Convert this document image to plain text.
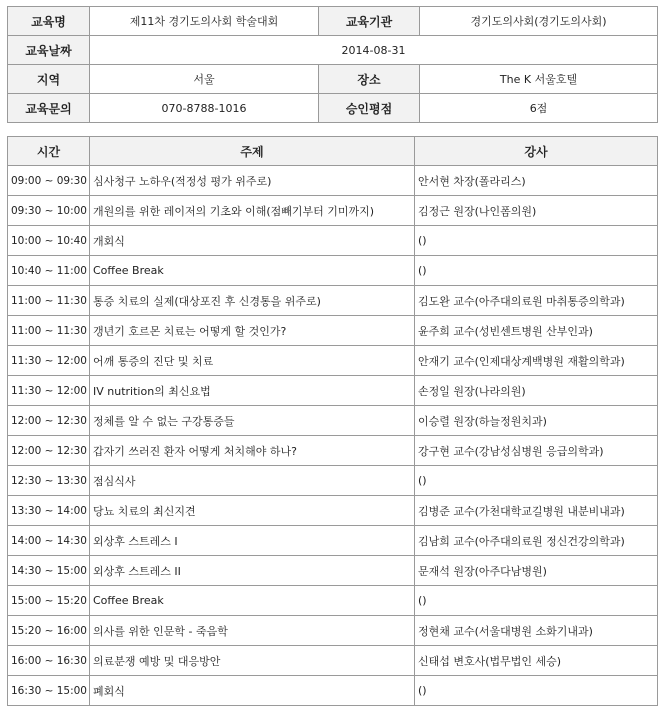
교육명	제11차 경기도의사회 학술대회	교육기관	경기도의사회(경기도의사회)
교육날짜	2014-08-31		
지역	서울	장소	The K 서울호텔
교육문의	070-8788-1016	승인평점	6점
시간	주제	강사
09:00 ~ 09:30	심사청구 노하우(적정성 평가 위주로)	안서현 차장(폴라리스)
09:30 ~ 10:00	개원의를 위한 레이저의 기초와 이해(점빼기부터 기미까지)	김정근 원장(나인폼의원)
10:00 ~ 10:40	개회식	()
10:40 ~ 11:00	Coffee Break	()
11:00 ~ 11:30	통증 치료의 실제(대상포진 후 신경통을 위주로)	김도완 교수(아주대의료원 마취통증의학과)
11:00 ~ 11:30	갱년기 호르몬 치료는 어떻게 할 것인가?	윤주희 교수(성빈센트병원 산부인과)
11:30 ~ 12:00	어깨 통증의 진단 및 치료	안재기 교수(인제대상계백병원 재활의학과)
11:30 ~ 12:00	IV nutrition의 최신요법	손정일 원장(나라의원)
12:00 ~ 12:30	정체를 알 수 없는 구강통증들	이승렬 원장(하늘정원치과)
12:00 ~ 12:30	갑자기 쓰러진 환자 어떻게 처치해야 하나?	강구현 교수(강남성심병원 응급의학과)
12:30 ~ 13:30	점심식사	()
13:30 ~ 14:00	당뇨 치료의 최신지견	김병준 교수(가천대학교길병원 내분비내과)
14:00 ~ 14:30	외상후 스트레스 I	김남희 교수(아주대의료원 정신건강의학과)
14:30 ~ 15:00	외상후 스트레스 II	문재석 원장(아주다남병원)
15:00 ~ 15:20	Coffee Break	()
15:20 ~ 16:00	의사를 위한 인문학 - 죽음학	정현채 교수(서울대병원 소화기내과)
16:00 ~ 16:30	의료분쟁 예방 및 대응방안	신태섭 변호사(법무법인 세승)
16:30 ~ 15:00	폐회식	()
